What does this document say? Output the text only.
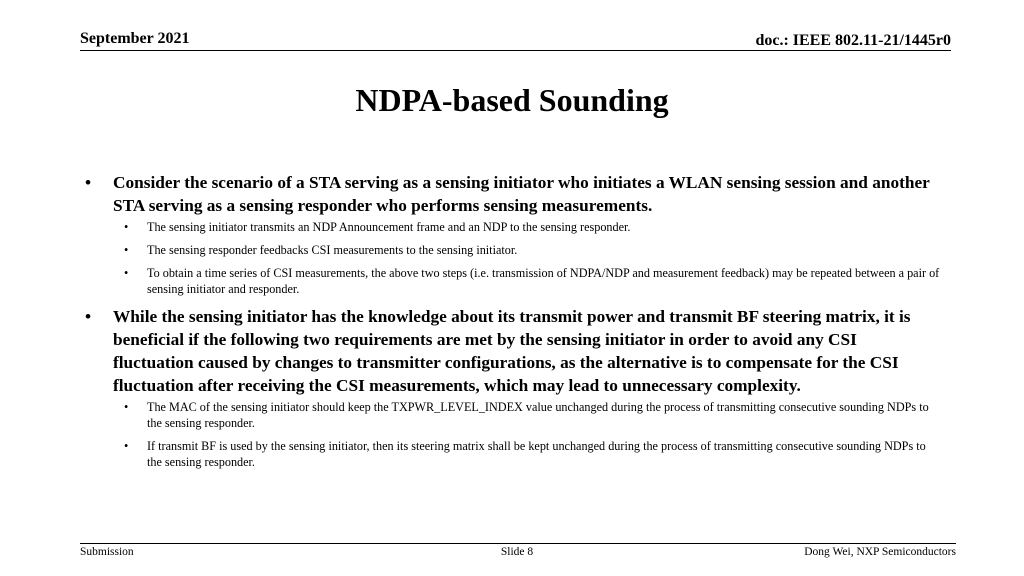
September 2021	doc.: IEEE 802.11-21/1445r0
NDPA-based Sounding
• Consider the scenario of a STA serving as a sensing initiator who initiates a WLAN sensing session and another STA serving as a sensing responder who performs sensing measurements.
• The sensing initiator transmits an NDP Announcement frame and an NDP to the sensing responder.
• The sensing responder feedbacks CSI measurements to the sensing initiator.
• To obtain a time series of CSI measurements, the above two steps (i.e. transmission of NDPA/NDP and measurement feedback) may be repeated between a pair of sensing initiator and responder.
• While the sensing initiator has the knowledge about its transmit power and transmit BF steering matrix, it is beneficial if the following two requirements are met by the sensing initiator in order to avoid any CSI fluctuation caused by changes to transmitter configurations, as the alternative is to compensate for the CSI fluctuation after receiving the CSI measurements, which may lead to unnecessary complexity.
• The MAC of the sensing initiator should keep the TXPWR_LEVEL_INDEX value unchanged during the process of transmitting consecutive sounding NDPs to the sensing responder.
• If transmit BF is used by the sensing initiator, then its steering matrix shall be kept unchanged during the process of transmitting consecutive sounding NDPs to the sensing responder.
Submission	Slide 8	Dong Wei, NXP Semiconductors
